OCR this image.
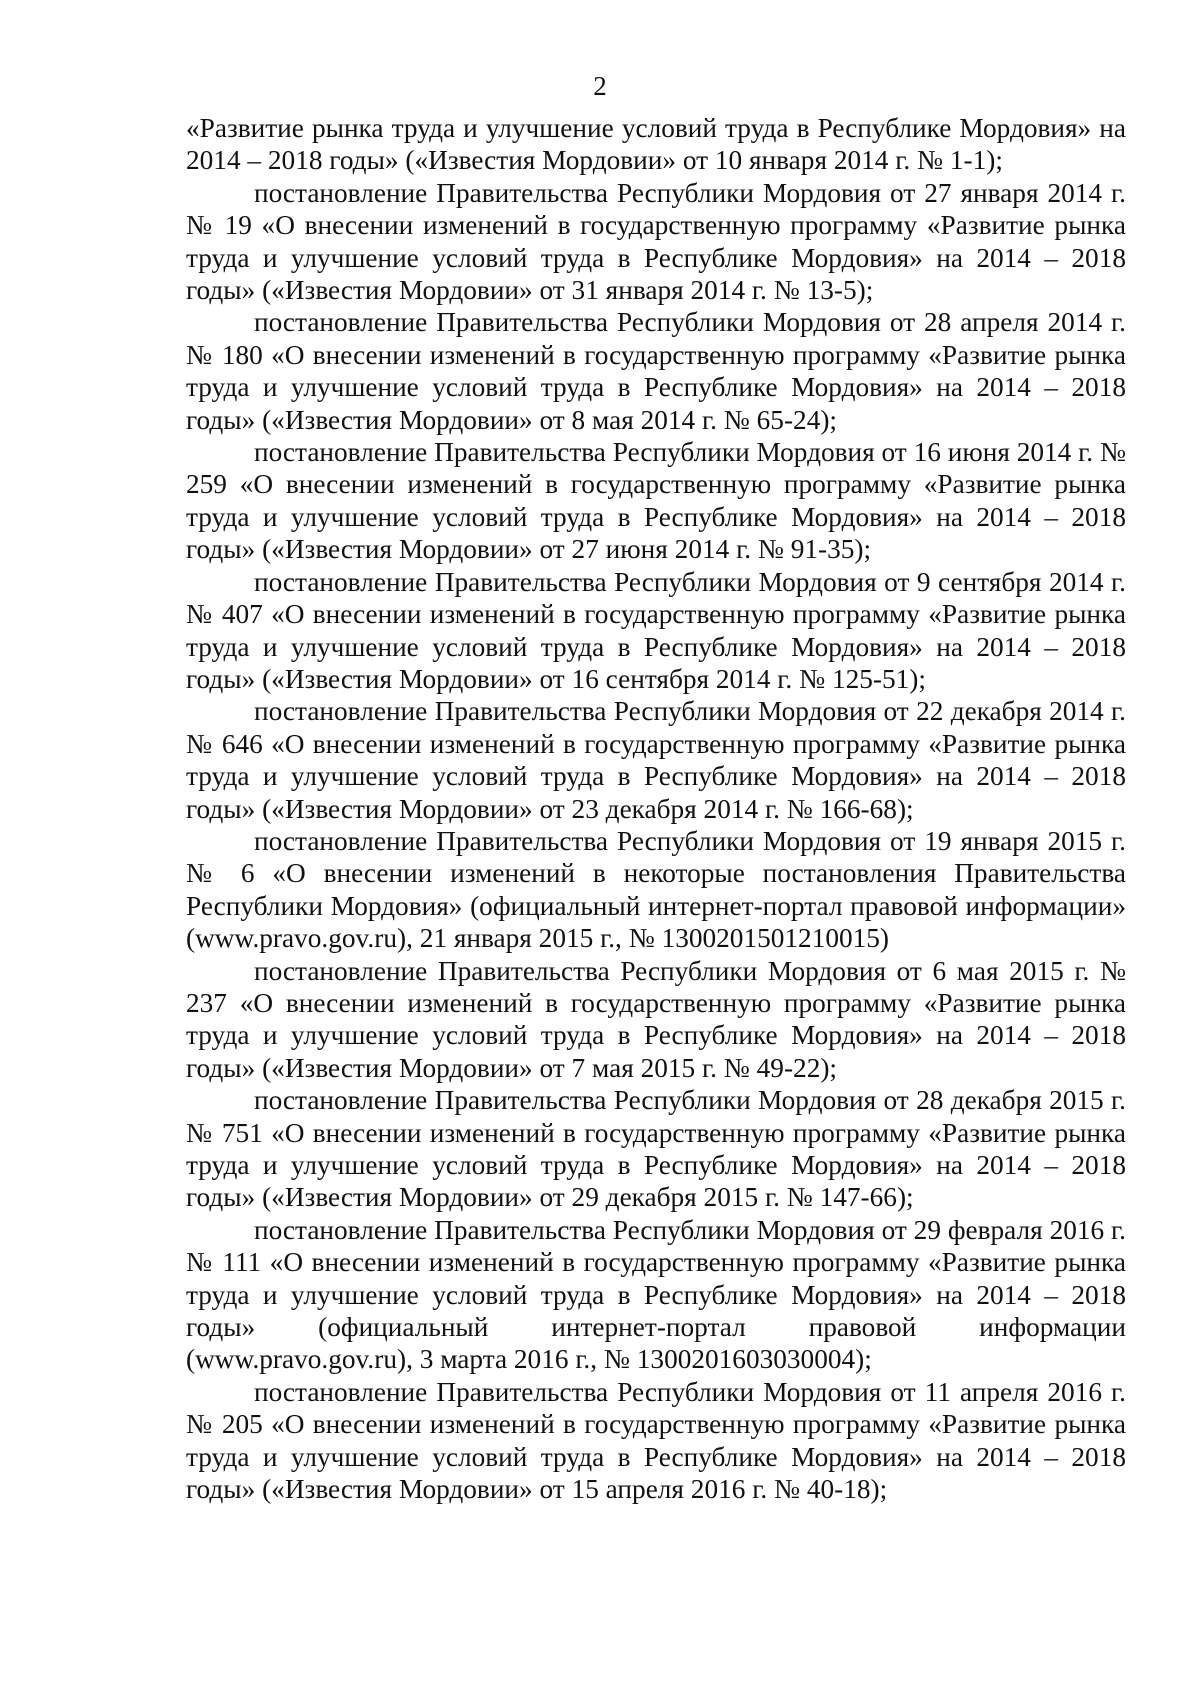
2

«Развитие рынка труда и улучшение условий труда в Республике Мордовия» на 2014 – 2018 годы» («Известия Мордовии» от 10 января 2014 г. № 1-1);

постановление Правительства Республики Мордовия от 27 января 2014 г. № 19 «О внесении изменений в государственную программу «Развитие рынка труда и улучшение условий труда в Республике Мордовия» на 2014 – 2018 годы» («Известия Мордовии» от 31 января 2014 г. № 13-5);

постановление Правительства Республики Мордовия от 28 апреля 2014 г. № 180 «О внесении изменений в государственную программу «Развитие рынка труда и улучшение условий труда в Республике Мордовия» на 2014 – 2018 годы» («Известия Мордовии» от 8 мая 2014 г. № 65-24);

постановление Правительства Республики Мордовия от 16 июня 2014 г. № 259 «О внесении изменений в государственную программу «Развитие рынка труда и улучшение условий труда в Республике Мордовия» на 2014 – 2018 годы» («Известия Мордовии» от 27 июня 2014 г. № 91-35);

постановление Правительства Республики Мордовия от 9 сентября 2014 г. № 407 «О внесении изменений в государственную программу «Развитие рынка труда и улучшение условий труда в Республике Мордовия» на 2014 – 2018 годы» («Известия Мордовии» от 16 сентября 2014 г. № 125-51);

постановление Правительства Республики Мордовия от 22 декабря 2014 г. № 646 «О внесении изменений в государственную программу «Развитие рынка труда и улучшение условий труда в Республике Мордовия» на 2014 – 2018 годы» («Известия Мордовии» от 23 декабря 2014 г. № 166-68);

постановление Правительства Республики Мордовия от 19 января 2015 г. № 6 «О внесении изменений в некоторые постановления Правительства Республики Мордовия» (официальный интернет-портал правовой информации» (www.pravo.gov.ru), 21 января 2015 г., № 1300201501210015)

постановление Правительства Республики Мордовия от 6 мая 2015 г. № 237 «О внесении изменений в государственную программу «Развитие рынка труда и улучшение условий труда в Республике Мордовия» на 2014 – 2018 годы» («Известия Мордовии» от 7 мая 2015 г. № 49-22);

постановление Правительства Республики Мордовия от 28 декабря 2015 г. № 751 «О внесении изменений в государственную программу «Развитие рынка труда и улучшение условий труда в Республике Мордовия» на 2014 – 2018 годы» («Известия Мордовии» от 29 декабря 2015 г. № 147-66);

постановление Правительства Республики Мордовия от 29 февраля 2016 г. № 111 «О внесении изменений в государственную программу «Развитие рынка труда и улучшение условий труда в Республике Мордовия» на 2014 – 2018 годы» (официальный интернет-портал правовой информации (www.pravo.gov.ru), 3 марта 2016 г., № 1300201603030004);

постановление Правительства Республики Мордовия от 11 апреля 2016 г. № 205 «О внесении изменений в государственную программу «Развитие рынка труда и улучшение условий труда в Республике Мордовия» на 2014 – 2018 годы» («Известия Мордовии» от 15 апреля 2016 г. № 40-18);
